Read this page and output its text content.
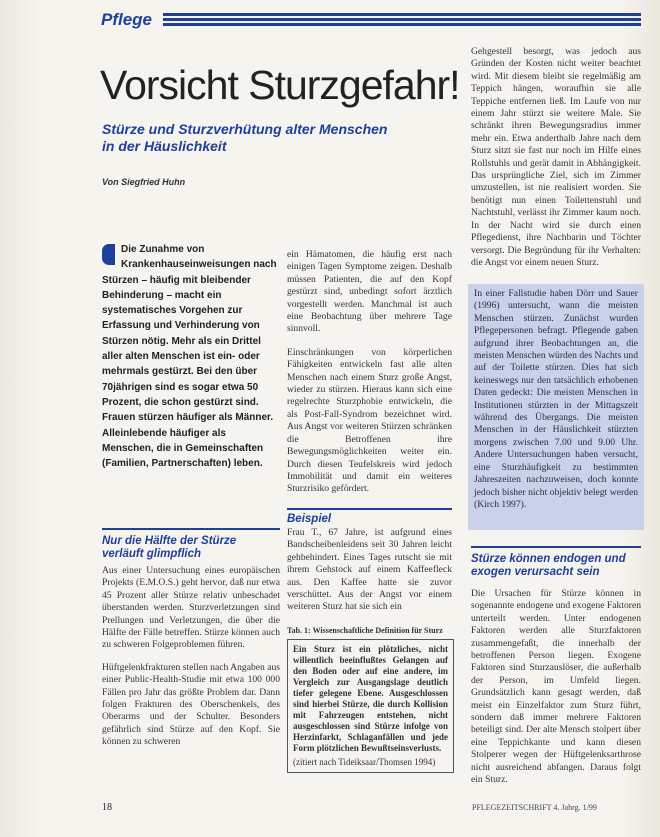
Pflege
Vorsicht Sturzgefahr!
Stürze und Sturzverhütung alter Menschen in der Häuslichkeit
Von Siegfried Huhn
Die Zunahme von Krankenhauseinweisungen nach Stürzen – häufig mit bleibender Behinderung – macht ein systematisches Vorgehen zur Erfassung und Verhinderung von Stürzen nötig. Mehr als ein Drittel aller alten Menschen ist ein- oder mehrmals gestürzt. Bei den über 70jährigen sind es sogar etwa 50 Prozent, die schon gestürzt sind. Frauen stürzen häufiger als Männer. Alleinlebende häufiger als Menschen, die in Gemeinschaften (Familien, Partnerschaften) leben.

ein Hämatomen, die häufig erst nach einigen Tagen Symptome zeigen. Deshalb müssen Patienten, die auf den Kopf gestürzt sind, unbedingt sofort ärztlich vorgestellt werden. Manchmal ist auch eine Beobachtung über mehrere Tage sinnvoll.

Einschränkungen von körperlichen Fähigkeiten entwickeln fast alle alten Menschen nach einem Sturz große Angst, wieder zu stürzen. Hieraus kann sich eine regelrechte Sturzphobie entwickeln, die als Post-Fall-Syndrom bezeichnet wird. Aus Angst vor weiteren Stürzen schränken die Betroffenen ihre Bewegungsmöglichkeiten weiter ein. Durch diesen Teufelskreis wird jedoch Immobilität und damit ein weiteres Sturzrisiko gefördert.

Nur die Hälfte der Stürze verläuft glimpflich

Aus einer Untersuchung eines europäischen Projekts (E.M.O.S.) geht hervor, daß nur etwa 45 Prozent aller Stürze relativ unbeschadet überstanden werden. Sturzverletzungen sind Prellungen und Verletzungen, die über die Hälfte der Fälle betreffen. Stürze können auch zu schweren Folgeproblemen führen.

Hüftgelenkfrakturen stellen nach Angaben aus einer Public-Health-Studie mit etwa 100 000 Fällen pro Jahr das größte Problem dar. Dann folgen Frakturen des Oberschenkels, des Oberarms und der Schulter. Besonders gefährlich sind Stürze auf den Kopf. Sie können zu schweren

Beispiel
Frau T., 67 Jahre, ist aufgrund eines Bandscheibenleidens seit 30 Jahren leicht gehbehindert. Eines Tages rutscht sie mit ihrem Gehstock auf einem Kaffeefleck aus. Den Kaffee hatte sie zuvor verschüttet. Aus der Angst vor einem weiteren Sturz hat sie sich ein
Tab. 1: Wissenschaftliche Definition für Sturz
Ein Sturz ist ein plötzliches, nicht willentlich beeinflußtes Gelangen auf den Boden oder auf eine andere, im Vergleich zur Ausgangslage deutlich tiefer gelegene Ebene. Ausgeschlossen sind hierbei Stürze, die durch Kollision mit Fahrzeugen entstehen, nicht ausgeschlossen sind Stürze infolge von Herzinfarkt, Schlaganfällen und jede Form plötzlichen Bewußtseinsverlusts.
(zitiert nach Tideiksaar/Thomsen 1994)
Gehgestell besorgt, was jedoch aus Gründen der Kosten nicht weiter beachtet wird. Mit diesem bleibt sie regelmäßig am Teppich hängen, woraufhin sie alle Teppiche entfernen ließ. Im Laufe von nur einem Jahr stürzt sie weitere Male. Sie schränkt ihren Bewegungsradius immer mehr ein. Etwa anderthalb Jahre nach dem Sturz sitzt sie fast nur noch im Hilfe eines Rollstuhls und gerät damit in Abhängigkeit. Das ursprüngliche Ziel, sich im Zimmer umzustellen, ist nie realisiert worden. Sie benötigt nun einen Toilettenstuhl und Nachtstuhl, verlässt ihr Zimmer kaum noch. In der Nacht wird sie durch einen Pflegedienst, ihre Nachbarin und Töchter versorgt. Die Begründung für ihr Verhalten: die Angst vor einem neuen Sturz.
In einer Fallstudie haben Dörr und Sauer (1996) untersucht, wann die meisten Menschen stürzen. Zunächst wurden Pflegepersonen befragt. Pflegende gaben aufgrund ihrer Beobachtungen an, die meisten Menschen würden des Nachts und auf der Toilette stürzen. Dies hat sich keineswegs nur den tatsächlich erhobenen Daten gedeckt: Die meisten Menschen in Institutionen stürzten in der Mittagszeit während des Übergangs. Die meisten Menschen in der Häuslichkeit stürzten morgens zwischen 7.00 und 9.00 Uhr. Andere Untersuchungen haben versucht, eine Sturzhäufigkeit zu bestimmten Jahreszeiten nachzuweisen, doch konnte jedoch bisher nicht objektiv belegt werden (Kirch 1997).
Stürze können endogen und exogen verursacht sein
Die Ursachen für Stürze können in sogenannte endogene und exogene Faktoren unterteilt werden. Unter endogenen Faktoren werden alle Sturzfaktoren zusammengefaßt, die innerhalb der betroffenen Person liegen. Exogene Faktoren sind Sturzauslöser, die außerhalb der Person, im Umfeld liegen. Grundsätzlich kann gesagt werden, daß meist ein Einzelfaktor zum Sturz führt, sondern daß immer mehrere Faktoren beteiligt sind. Der alte Mensch stolpert über eine Teppichkante und kann diesen Stolperer wegen der Hüftgelenksarthrose nicht ausreichend abfangen. Daraus folgt ein Sturz.
18	PFLEGEZEITSCHRIFT 4. Jahrg. 1/99
